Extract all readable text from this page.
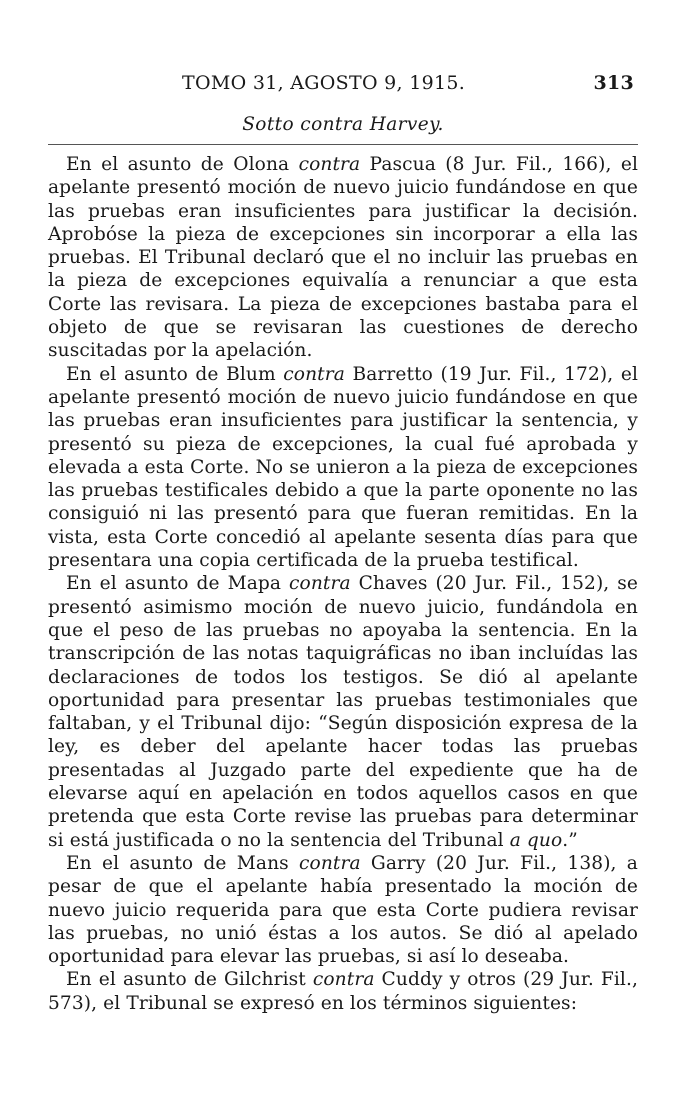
TOMO 31, AGOSTO 9, 1915.	313
Sotto contra Harvey.

En el asunto de Olona contra Pascua (8 Jur. Fil., 166), el apelante presentó moción de nuevo juicio fundándose en que las pruebas eran insuficientes para justificar la decisión. Aprobóse la pieza de excepciones sin incorporar a ella las pruebas. El Tribunal declaró que el no incluir las pruebas en la pieza de excepciones equivalía a renunciar a que esta Corte las revisara. La pieza de excepciones bastaba para el objeto de que se revisaran las cuestiones de derecho suscitadas por la apelación.

En el asunto de Blum contra Barretto (19 Jur. Fil., 172), el apelante presentó moción de nuevo juicio fundándose en que las pruebas eran insuficientes para justificar la sentencia, y presentó su pieza de excepciones, la cual fué aprobada y elevada a esta Corte. No se unieron a la pieza de excepciones las pruebas testificales debido a que la parte oponente no las consiguió ni las presentó para que fueran remitidas. En la vista, esta Corte concedió al apelante sesenta días para que presentara una copia certificada de la prueba testifical.

En el asunto de Mapa contra Chaves (20 Jur. Fil., 152), se presentó asimismo moción de nuevo juicio, fundándola en que el peso de las pruebas no apoyaba la sentencia. En la transcripción de las notas taquigráficas no iban incluídas las declaraciones de todos los testigos. Se dió al apelante oportunidad para presentar las pruebas testimoniales que faltaban, y el Tribunal dijo: “Según disposición expresa de la ley, es deber del apelante hacer todas las pruebas presentadas al Juzgado parte del expediente que ha de elevarse aquí en apelación en todos aquellos casos en que pretenda que esta Corte revise las pruebas para determinar si está justificada o no la sentencia del Tribunal a quo.”

En el asunto de Mans contra Garry (20 Jur. Fil., 138), a pesar de que el apelante había presentado la moción de nuevo juicio requerida para que esta Corte pudiera revisar las pruebas, no unió éstas a los autos. Se dió al apelado oportunidad para elevar las pruebas, si así lo deseaba.

En el asunto de Gilchrist contra Cuddy y otros (29 Jur. Fil., 573), el Tribunal se expresó en los términos siguientes:
